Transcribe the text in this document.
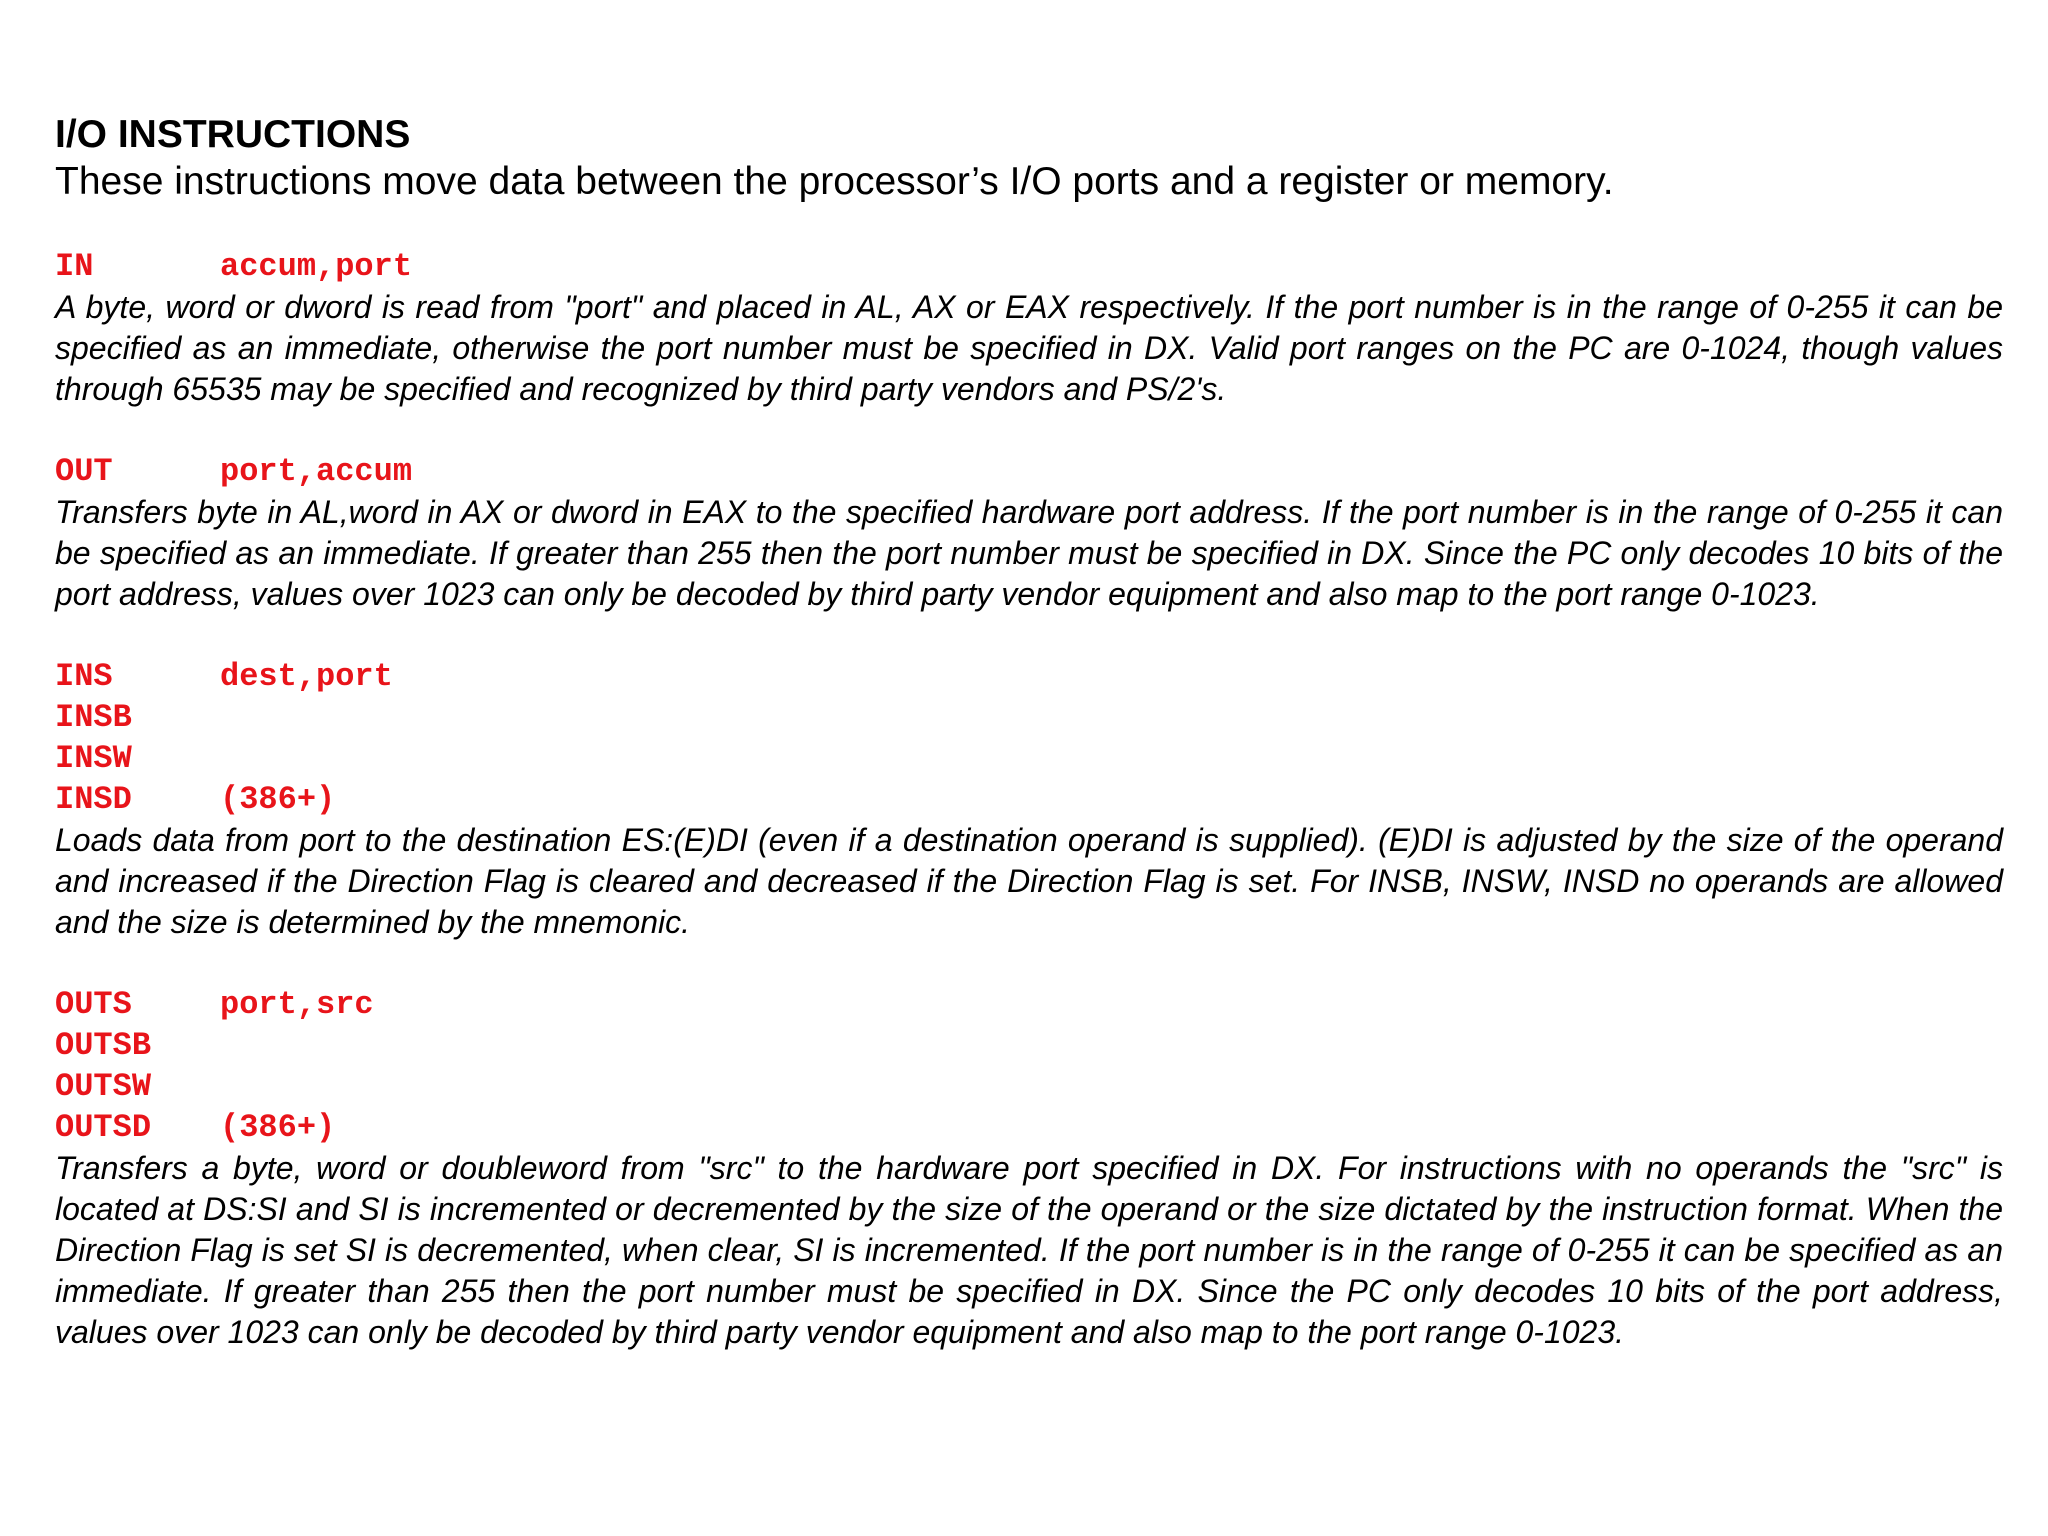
I/O INSTRUCTIONS

These instructions move data between the processor’s I/O ports and a register or memory.

IN	accum,port

A byte, word or dword is read from "port" and placed in AL, AX or EAX respectively. If the port number is in the range of 0-255 it can be specified as an immediate, otherwise the port number must be specified in DX. Valid port ranges on the PC are 0-1024, though values through 65535 may be specified and recognized by third party vendors and PS/2's.

OUT	port,accum

Transfers byte in AL,word in AX or dword in EAX to the specified hardware port address. If the port number is in the range of 0-255 it can be specified as an immediate. If greater than 255 then the port number must be specified in DX. Since the PC only decodes 10 bits of the port address, values over 1023 can only be decoded by third party vendor equipment and also map to the port range 0-1023.

INS	dest,port
INSB
INSW
INSD	(386+)

Loads data from port to the destination ES:(E)DI (even if a destination operand is supplied). (E)DI is adjusted by the size of the operand and increased if the Direction Flag is cleared and decreased if the Direction Flag is set. For INSB, INSW, INSD no operands are allowed and the size is determined by the mnemonic.

OUTS	port,src
OUTSB
OUTSW
OUTSD	(386+)

Transfers a byte, word or doubleword from "src" to the hardware port specified in DX. For instructions with no operands the "src" is located at DS:SI and SI is incremented or decremented by the size of the operand or the size dictated by the instruction format. When the Direction Flag is set SI is decremented, when clear, SI is incremented. If the port number is in the range of 0-255 it can be specified as an immediate. If greater than 255 then the port number must be specified in DX. Since the PC only decodes 10 bits of the port address, values over 1023 can only be decoded by third party vendor equipment and also map to the port range 0-1023.
